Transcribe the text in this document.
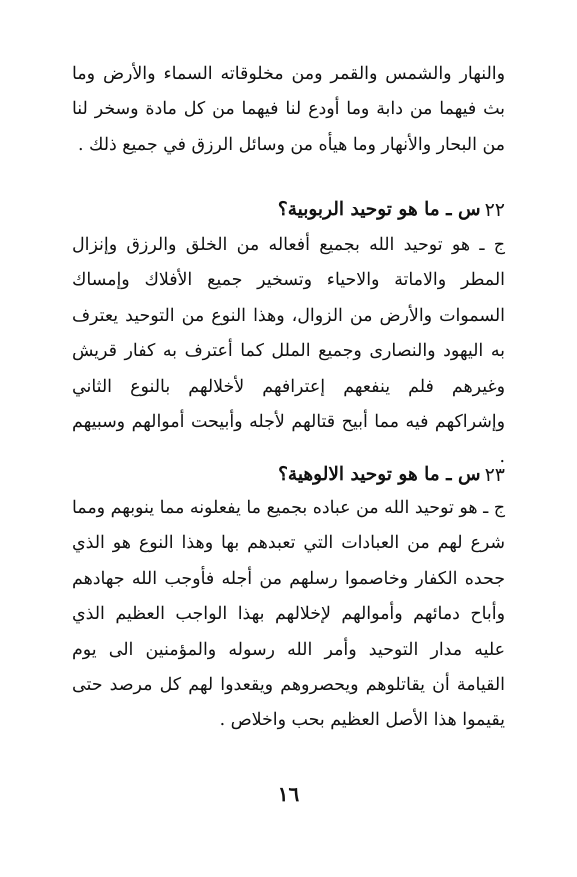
والنهار والشمس والقمر ومن مخلوقاته السماء والأرض وما بث فيهما من دابة وما أودع لنا فيهما من كل مادة وسخر لنا من البحار والأنهار وما هيأه من وسائل الرزق في جميع ذلك .
٢٢
س ـ ما هو توحيد الربوبية؟
ج ـ هو توحيد الله بجميع أفعاله من الخلق والرزق وإنزال المطر والاماتة والاحياء وتسخير جميع الأفلاك وإمساك السموات والأرض من الزوال، وهذا النوع من التوحيد يعترف به اليهود والنصارى وجميع الملل كما أعترف به كفار قريش وغيرهم فلم ينفعهم إعترافهم لأخلالهم بالنوع الثاني وإشراكهم فيه مما أبيح قتالهم لأجله وأبيحت أموالهم وسبيهم .
٢٣
س ـ ما هو توحيد الالوهية؟
ج ـ هو توحيد الله من عباده بجميع ما يفعلونه مما ينوبهم ومما شرع لهم من العبادات التي تعبدهم بها وهذا النوع هو الذي جحده الكفار وخاصموا رسلهم من أجله فأوجب الله جهادهم وأباح دمائهم وأموالهم لإخلالهم بهذا الواجب العظيم الذي عليه مدار التوحيد وأمر الله رسوله والمؤمنين الى يوم القيامة أن يقاتلوهم ويحصروهم ويقعدوا لهم كل مرصد حتى يقيموا هذا الأصل العظيم بحب واخلاص .
١٦
